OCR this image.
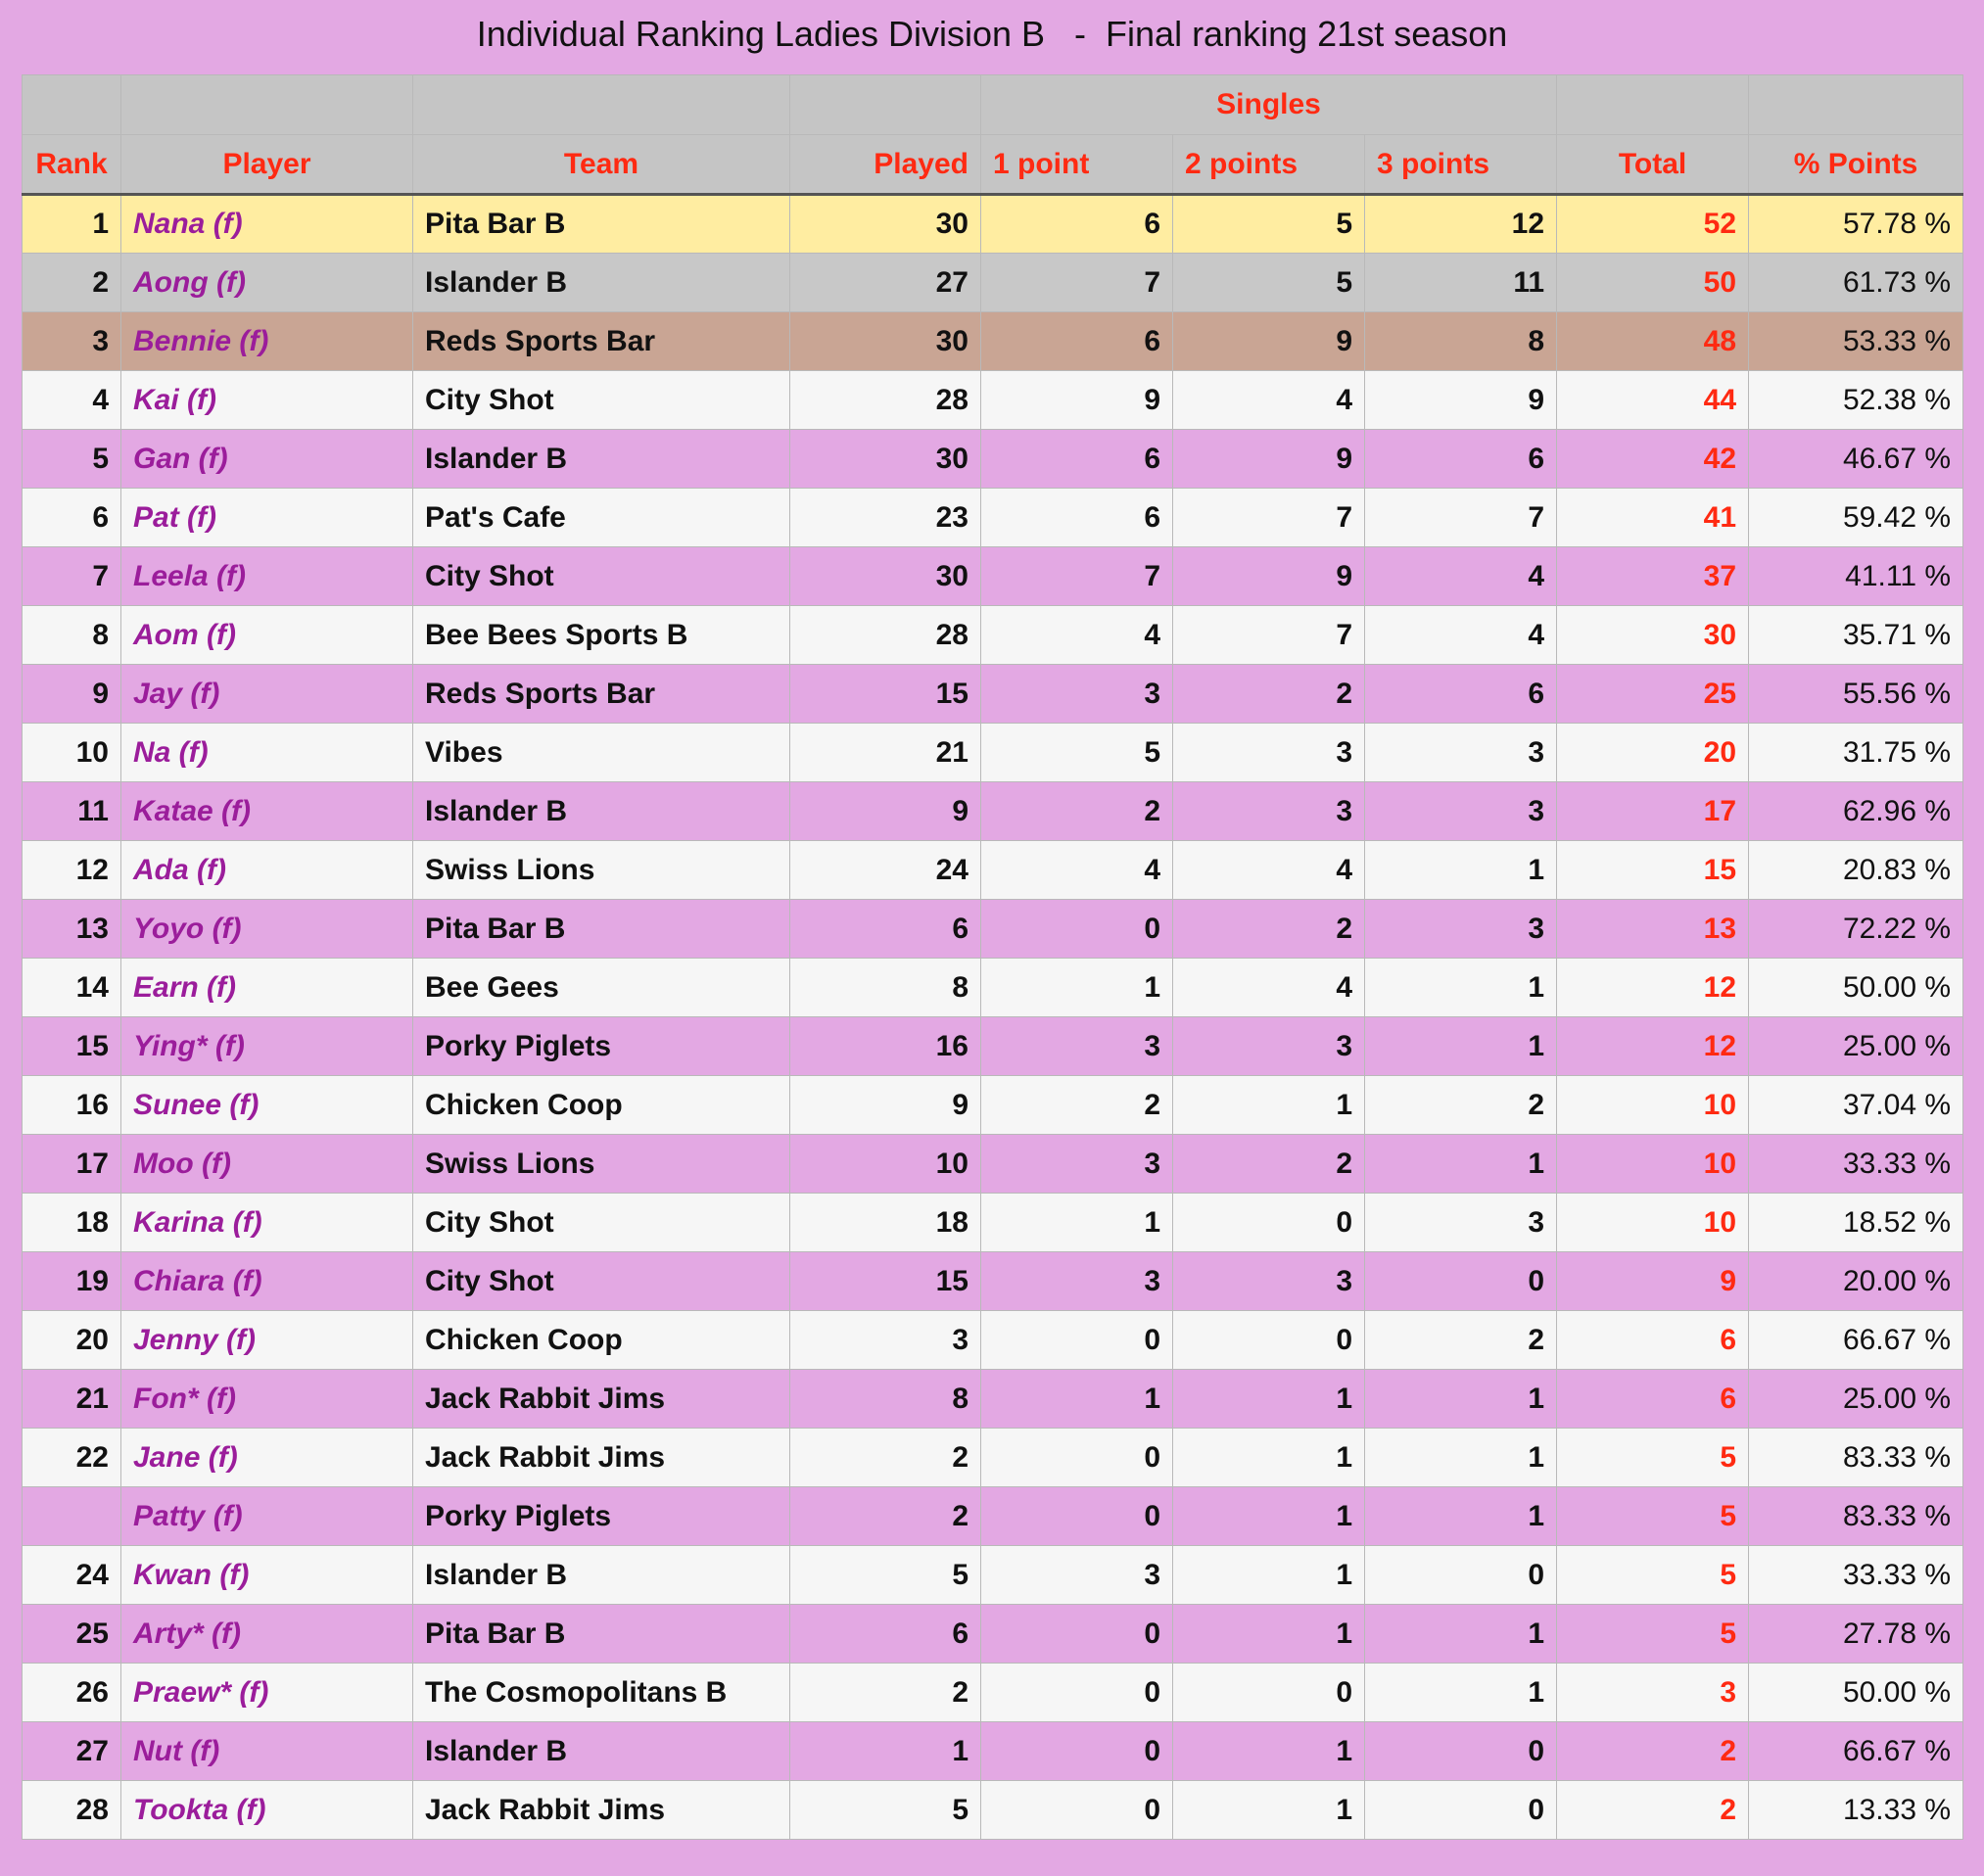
Individual Ranking Ladies Division B   -  Final ranking 21st season
				Singles				
Rank	Player	Team	Played	1 point	2 points	3 points	Total	% Points
1	Nana (f)	Pita Bar B	30	6	5	12	52	57.78 %
2	Aong (f)	Islander B	27	7	5	11	50	61.73 %
3	Bennie (f)	Reds Sports Bar	30	6	9	8	48	53.33 %
4	Kai (f)	City Shot	28	9	4	9	44	52.38 %
5	Gan (f)	Islander B	30	6	9	6	42	46.67 %
6	Pat (f)	Pat's Cafe	23	6	7	7	41	59.42 %
7	Leela (f)	City Shot	30	7	9	4	37	41.11 %
8	Aom (f)	Bee Bees Sports B	28	4	7	4	30	35.71 %
9	Jay (f)	Reds Sports Bar	15	3	2	6	25	55.56 %
10	Na (f)	Vibes	21	5	3	3	20	31.75 %
11	Katae (f)	Islander B	9	2	3	3	17	62.96 %
12	Ada (f)	Swiss Lions	24	4	4	1	15	20.83 %
13	Yoyo (f)	Pita Bar B	6	0	2	3	13	72.22 %
14	Earn (f)	Bee Gees	8	1	4	1	12	50.00 %
15	Ying* (f)	Porky Piglets	16	3	3	1	12	25.00 %
16	Sunee (f)	Chicken Coop	9	2	1	2	10	37.04 %
17	Moo (f)	Swiss Lions	10	3	2	1	10	33.33 %
18	Karina (f)	City Shot	18	1	0	3	10	18.52 %
19	Chiara (f)	City Shot	15	3	3	0	9	20.00 %
20	Jenny (f)	Chicken Coop	3	0	0	2	6	66.67 %
21	Fon* (f)	Jack Rabbit Jims	8	1	1	1	6	25.00 %
22	Jane (f)	Jack Rabbit Jims	2	0	1	1	5	83.33 %
	Patty (f)	Porky Piglets	2	0	1	1	5	83.33 %
24	Kwan (f)	Islander B	5	3	1	0	5	33.33 %
25	Arty* (f)	Pita Bar B	6	0	1	1	5	27.78 %
26	Praew* (f)	The Cosmopolitans B	2	0	0	1	3	50.00 %
27	Nut (f)	Islander B	1	0	1	0	2	66.67 %
28	Tookta (f)	Jack Rabbit Jims	5	0	1	0	2	13.33 %
